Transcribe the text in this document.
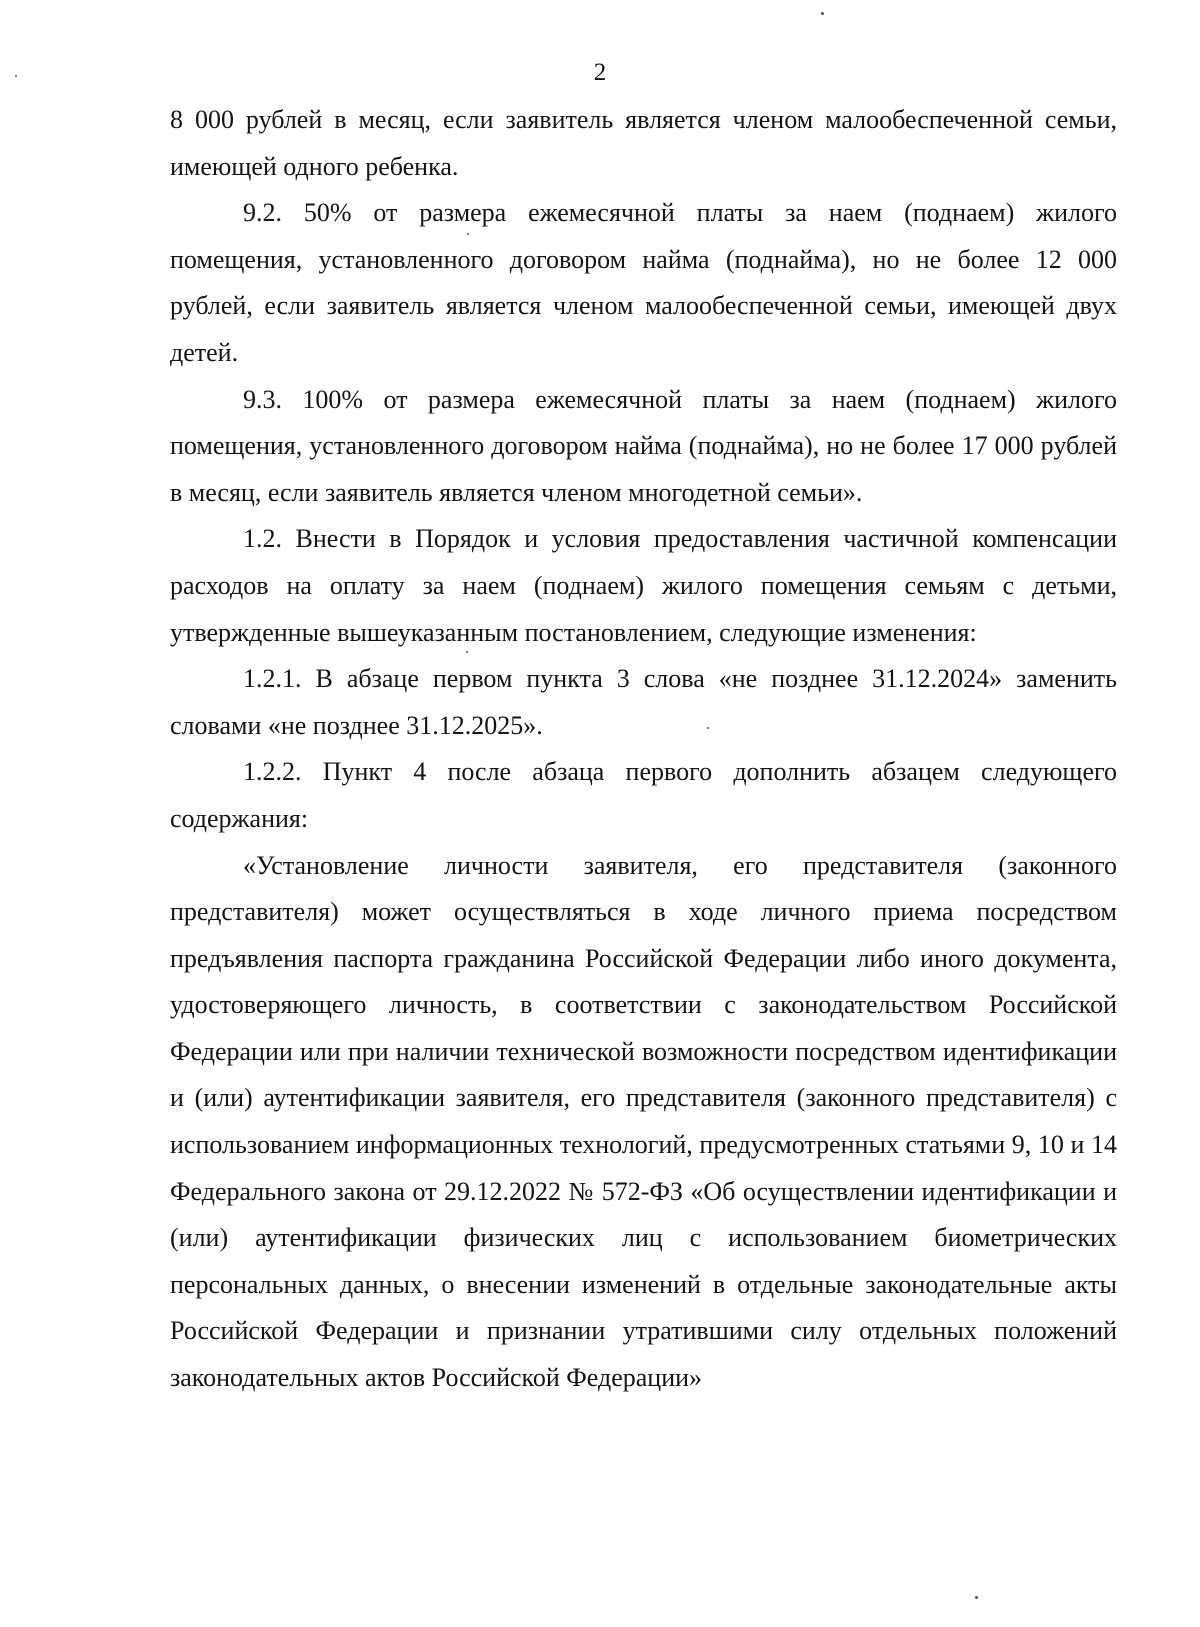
2

8 000 рублей в месяц, если заявитель является членом малообеспеченной семьи, имеющей одного ребенка.

9.2. 50% от размера ежемесячной платы за наем (поднаем) жилого помещения, установленного договором найма (поднайма), но не более 12 000 рублей, если заявитель является членом малообеспеченной семьи, имеющей двух детей.

9.3. 100% от размера ежемесячной платы за наем (поднаем) жилого помещения, установленного договором найма (поднайма), но не более 17 000 рублей в месяц, если заявитель является членом многодетной семьи».

1.2. Внести в Порядок и условия предоставления частичной компенсации расходов на оплату за наем (поднаем) жилого помещения семьям с детьми, утвержденные вышеуказанным постановлением, следующие изменения:

1.2.1. В абзаце первом пункта 3 слова «не позднее 31.12.2024» заменить словами «не позднее 31.12.2025».

1.2.2. Пункт 4 после абзаца первого дополнить абзацем следующего содержания:

«Установление личности заявителя, его представителя (законного представителя) может осуществляться в ходе личного приема посредством предъявления паспорта гражданина Российской Федерации либо иного документа, удостоверяющего личность, в соответствии с законодательством Российской Федерации или при наличии технической возможности посредством идентификации и (или) аутентификации заявителя, его представителя (законного представителя) с использованием информационных технологий, предусмотренных статьями 9, 10 и 14 Федерального закона от 29.12.2022 № 572-ФЗ «Об осуществлении идентификации и (или) аутентификации физических лиц с использованием биометрических персональных данных, о внесении изменений в отдельные законодательные акты Российской Федерации и признании утратившими силу отдельных положений законодательных актов Российской Федерации»
